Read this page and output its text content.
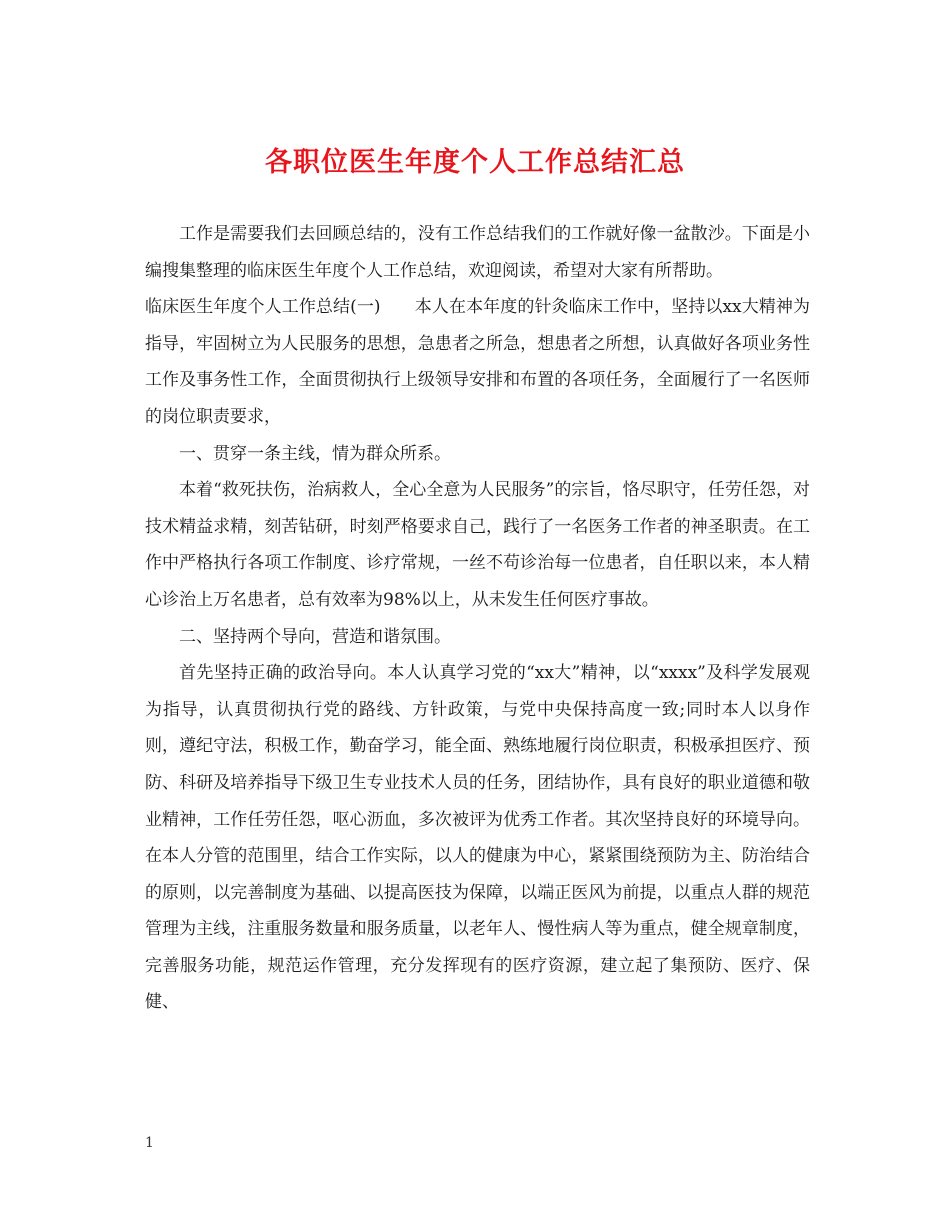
各职位医生年度个人工作总结汇总

工作是需要我们去回顾总结的，没有工作总结我们的工作就好像一盆散沙。下面是小编搜集整理的临床医生年度个人工作总结，欢迎阅读，希望对大家有所帮助。

临床医生年度个人工作总结(一)　　本人在本年度的针灸临床工作中，坚持以xx大精神为指导，牢固树立为人民服务的思想，急患者之所急，想患者之所想，认真做好各项业务性工作及事务性工作，全面贯彻执行上级领导安排和布置的各项任务，全面履行了一名医师的岗位职责要求，

一、贯穿一条主线，情为群众所系。

本着“救死扶伤，治病救人，全心全意为人民服务”的宗旨，恪尽职守，任劳任怨，对技术精益求精，刻苦钻研，时刻严格要求自己，践行了一名医务工作者的神圣职责。在工作中严格执行各项工作制度、诊疗常规，一丝不苟诊治每一位患者，自任职以来，本人精心诊治上万名患者，总有效率为98%以上，从未发生任何医疗事故。

二、坚持两个导向，营造和谐氛围。

首先坚持正确的政治导向。本人认真学习党的“xx大”精神，以“xxxx”及科学发展观为指导，认真贯彻执行党的路线、方针政策，与党中央保持高度一致;同时本人以身作则，遵纪守法，积极工作，勤奋学习，能全面、熟练地履行岗位职责，积极承担医疗、预防、科研及培养指导下级卫生专业技术人员的任务，团结协作，具有良好的职业道德和敬业精神，工作任劳任怨，呕心沥血，多次被评为优秀工作者。其次坚持良好的环境导向。在本人分管的范围里，结合工作实际，以人的健康为中心，紧紧围绕预防为主、防治结合的原则，以完善制度为基础、以提高医技为保障，以端正医风为前提，以重点人群的规范管理为主线，注重服务数量和服务质量，以老年人、慢性病人等为重点，健全规章制度，完善服务功能，规范运作管理，充分发挥现有的医疗资源，建立起了集预防、医疗、保健、

1
